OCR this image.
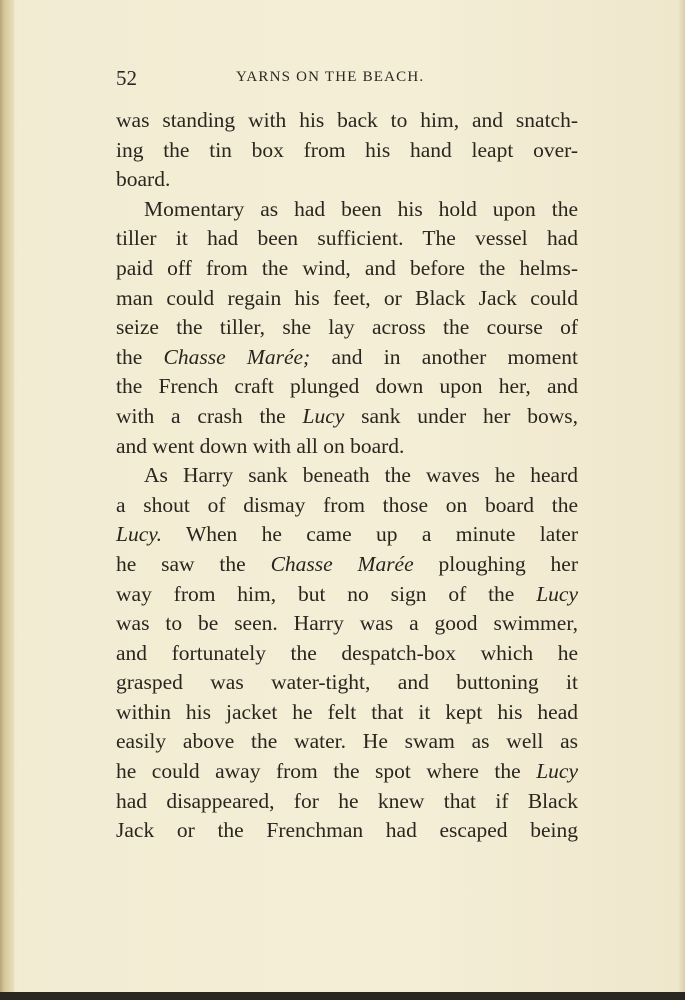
52	YARNS ON THE BEACH.
was standing with his back to him, and snatch-
ing the tin box from his hand leapt over-
board.
Momentary as had been his hold upon the
tiller it had been sufficient. The vessel had
paid off from the wind, and before the helms-
man could regain his feet, or Black Jack could
seize the tiller, she lay across the course of
the Chasse Marée; and in another moment
the French craft plunged down upon her, and
with a crash the Lucy sank under her bows,
and went down with all on board.
As Harry sank beneath the waves he heard
a shout of dismay from those on board the
Lucy. When he came up a minute later
he saw the Chasse Marée ploughing her
way from him, but no sign of the Lucy
was to be seen. Harry was a good swimmer,
and fortunately the despatch-box which he
grasped was water-tight, and buttoning it
within his jacket he felt that it kept his head
easily above the water. He swam as well as
he could away from the spot where the Lucy
had disappeared, for he knew that if Black
Jack or the Frenchman had escaped being
